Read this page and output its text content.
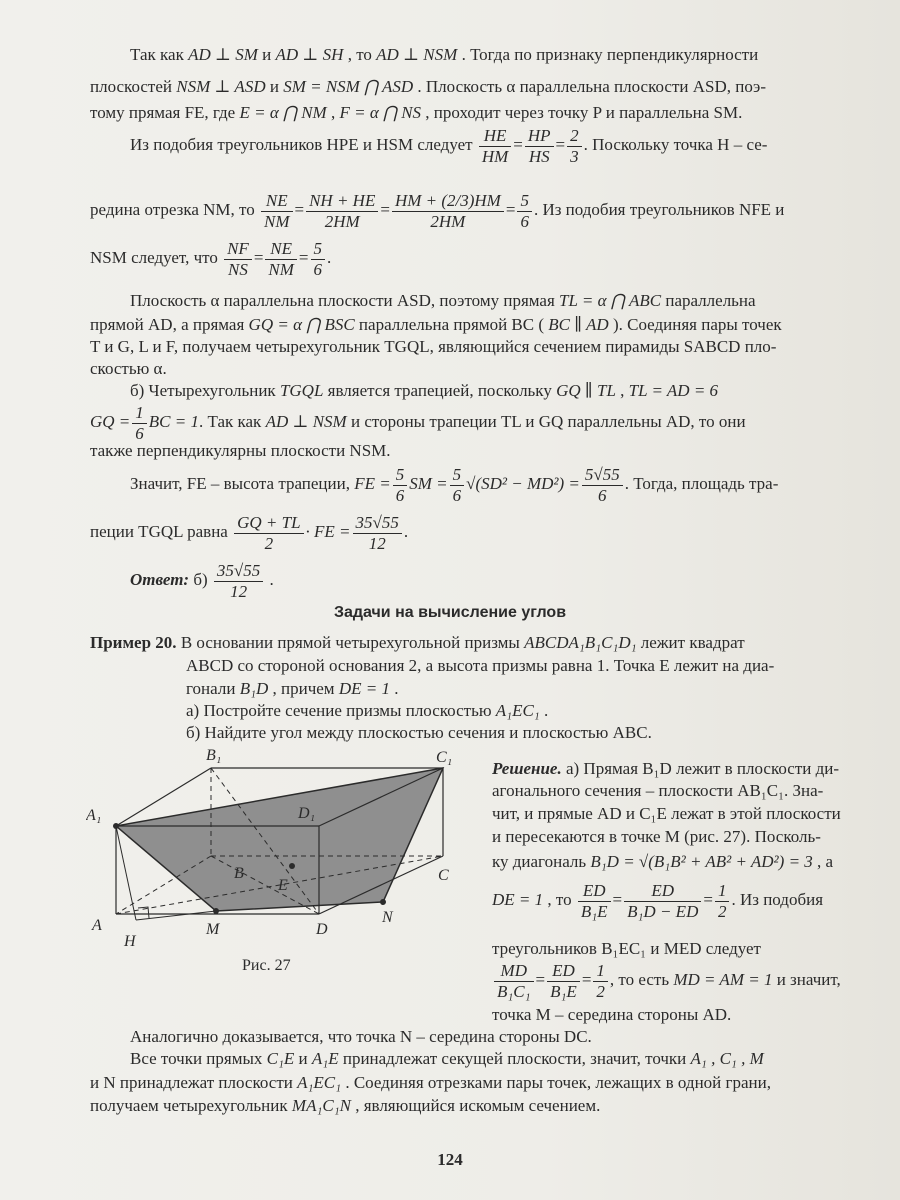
Так как AD ⊥ SM и AD ⊥ SH , то AD ⊥ NSM . Тогда по признаку перпендикулярности
плоскостей NSM ⊥ ASD и SM = NSM ⋂ ASD . Плоскость α параллельна плоскости ASD, поэ-
тому прямая FE, где E = α ⋂ NM , F = α ⋂ NS , проходит через точку P и параллельна SM.
Из подобия треугольников HPE и HSM следует $\frac{HE}{HM} = \frac{HP}{HS} = \frac{2}{3}$ . Поскольку точка H – се-
редина отрезка NM, то $\frac{NE}{NM} = \frac{NH + HE}{2HM} = \frac{HM + (2/3)HM}{2HM} = \frac{5}{6}$ . Из подобия треугольников NFE и
NSM следует, что $\frac{NF}{NS} = \frac{NE}{NM} = \frac{5}{6}$ .
Плоскость α параллельна плоскости ASD, поэтому прямая TL = α ⋂ ABC параллельна
прямой AD, а прямая GQ = α ⋂ BSC параллельна прямой BC ( BC ∥ AD ). Соединяя пары точек
T и G, L и F, получаем четырехугольник TGQL, являющийся сечением пирамиды SABCD пло-
скостью α.
б) Четырехугольник TGQL является трапецией, поскольку GQ ∥ TL , TL = AD = 6
GQ = $\frac{1}{6}$ BC = 1. Так как AD ⊥ NSM и стороны трапеции TL и GQ параллельны AD, то они
также перпендикулярны плоскости NSM.
Значит, FE – высота трапеции, FE = $\frac{5}{6}$ SM = $\frac{5}{6} √(SD^2 - MD^2) = \frac{5√55}{6}$ . Тогда, площадь тра-
пеции TGQL равна $\frac{GQ + TL}{2}$ · FE = $\frac{35√55}{12}$ .
Ответ: $б) \frac{35√55}{12}$ .
Задачи на вычисление углов
Пример 20. В основании прямой четырехугольной призмы ABCDA₁B₁C₁D₁ лежит квадрат
ABCD со стороной основания 2, а высота призмы равна 1. Точка E лежит на диа-
гонали B₁D , причем DE = 1 .
а) Постройте сечение призмы плоскостью A₁EC₁ .
б) Найдите угол между плоскостью сечения и плоскостью ABC.
B₁	C₁
A₁	D₁
B
E
C
N
A	M	D
H
Рис. 27
Решение. а) Прямая B₁D лежит в плоскости ди-
агонального сечения – плоскости AB₁C₁. Зна-
чит, и прямые AD и C₁E лежат в этой плоскости
и пересекаются в точке M (рис. 27). Посколь-
ку диагональ B₁D = √(B₁B² + AB² + AD²) = 3 , а
DE = 1 , то $\frac{ED}{\text{B₁E}} = \frac{ED}{\text{B₁D − ED}} = \frac{1}{2}$ . Из подобия
треугольников B₁EC₁ и MED следует
$\frac{MD}{\text{B₁C₁}} = \frac{ED}{\text{B₁E}} = \frac{1}{2}$ , то есть MD = AM = 1 и значит,
точка M – середина стороны AD.
Аналогично доказывается, что точка N – середина стороны DC.
Все точки прямых C₁E и A₁E принадлежат секущей плоскости, значит, точки A₁ , C₁ , M
и N принадлежат плоскости A₁EC₁ . Соединяя отрезками пары точек, лежащих в одной грани,
получаем четырехугольник MA₁C₁N , являющийся искомым сечением.
124
